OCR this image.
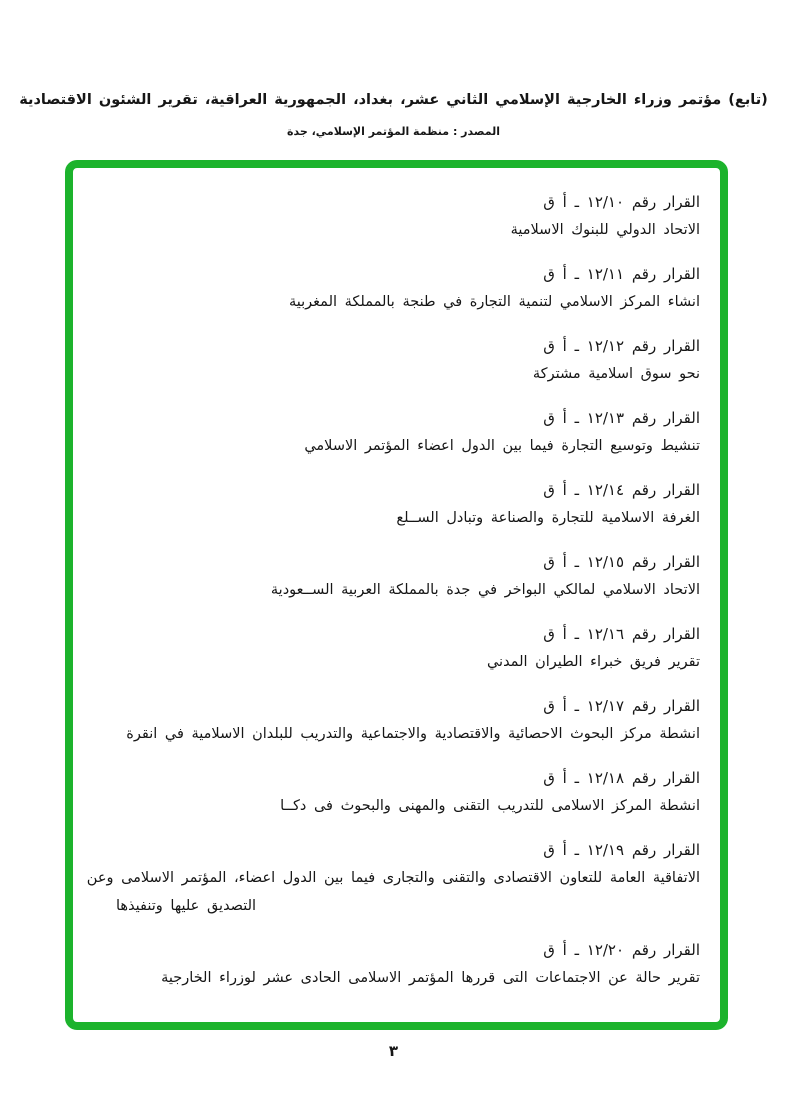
(تابع) مؤتمر وزراء الخارجية الإسلامي الثاني عشر، بغداد، الجمهورية العراقية، تقرير الشئون الاقتصادية
المصدر : منظمة المؤتمر الإسلامي، جدة
القرار رقم ١٢/١٠ ـ أ ق
الاتحاد الدولي للبنوك الاسلامية
القرار رقم ١٢/١١ ـ أ ق
انشاء المركز الاسلامي لتنمية التجارة في طنجة بالمملكة المغربية
القرار رقم ١٢/١٢ ـ أ ق
نحو سوق اسلامية مشتركة
القرار رقم ١٢/١٣ ـ أ ق
تنشيط وتوسيع التجارة فيما بين الدول اعضاء المؤتمر الاسلامي
القرار رقم ١٢/١٤ ـ أ ق
الغرفة الاسلامية للتجارة والصناعة وتبادل الســلع
القرار رقم ١٢/١٥ ـ أ ق
الاتحاد الاسلامي لمالكي البواخر في جدة بالمملكة العربية الســعودية
القرار رقم ١٢/١٦ ـ أ ق
تقرير فريق خبراء الطيران المدني
القرار رقم ١٢/١٧ ـ أ ق
انشطة مركز البحوث الاحصائية والاقتصادية والاجتماعية والتدريب للبلدان الاسلامية في انقرة
القرار رقم ١٢/١٨ ـ أ ق
انشطة المركز الاسلامى للتدريب التقنى والمهنى والبحوث فى دكــا
القرار رقم ١٢/١٩ ـ أ ق
الاتفاقية العامة للتعاون الاقتصادى والتقنى والتجارى فيما بين الدول اعضاء، المؤتمر الاسلامى وعن
التصديق عليها وتنفيذها
القرار رقم ١٢/٢٠ ـ أ ق
تقرير حالة عن الاجتماعات التى قررها المؤتمر الاسلامى الحادى عشر لوزراء الخارجية
٣
